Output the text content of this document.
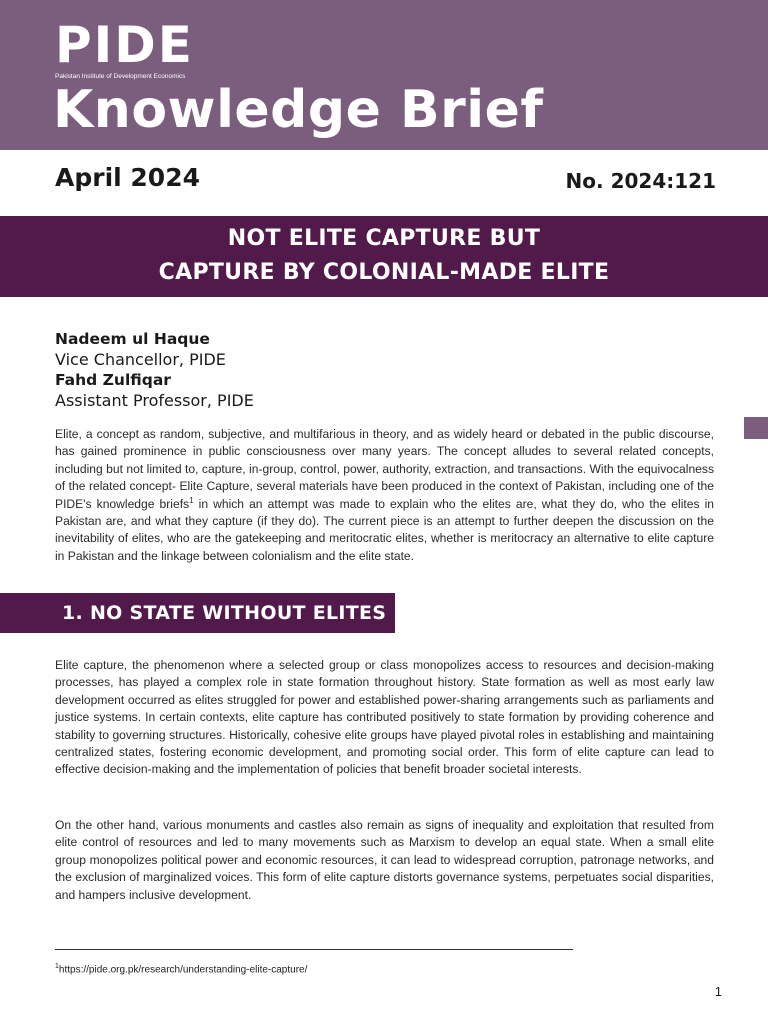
PIDE
Pakistan Institute of Development Economics
Knowledge Brief
April 2024	No. 2024:121
NOT ELITE CAPTURE BUT
CAPTURE BY COLONIAL-MADE ELITE
Nadeem ul Haque
Vice Chancellor, PIDE
Fahd Zulfiqar
Assistant Professor, PIDE

Elite, a concept as random, subjective, and multifarious in theory, and as widely heard or debated in the public discourse, has gained prominence in public consciousness over many years. The concept alludes to several related concepts, including but not limited to, capture, in-group, control, power, authority, extraction, and transactions. With the equivocalness of the related concept- Elite Capture, several materials have been produced in the context of Pakistan, including one of the PIDE's knowledge briefs$^1$ in which an attempt was made to explain who the elites are, what they do, who the elites in Pakistan are, and what they capture (if they do). The current piece is an attempt to further deepen the discussion on the inevitability of elites, who are the gatekeeping and meritocratic elites, whether is meritocracy an alternative to elite capture in Pakistan and the linkage between colonialism and the elite state.

1. NO STATE WITHOUT ELITES

Elite capture, the phenomenon where a selected group or class monopolizes access to resources and decision-making processes, has played a complex role in state formation throughout history. State formation as well as most early law development occurred as elites struggled for power and established power-sharing arrangements such as parliaments and justice systems. In certain contexts, elite capture has contributed positively to state formation by providing coherence and stability to governing structures. Historically, cohesive elite groups have played pivotal roles in establishing and maintaining centralized states, fostering economic development, and promoting social order. This form of elite capture can lead to effective decision-making and the implementation of policies that benefit broader societal interests.

On the other hand, various monuments and castles also remain as signs of inequality and exploitation that resulted from elite control of resources and led to many movements such as Marxism to develop an equal state. When a small elite group monopolizes political power and economic resources, it can lead to widespread corruption, patronage networks, and the exclusion of marginalized voices. This form of elite capture distorts governance systems, perpetuates social disparities, and hampers inclusive development.

$^1$https://pide.org.pk/research/understanding-elite-capture/
1
